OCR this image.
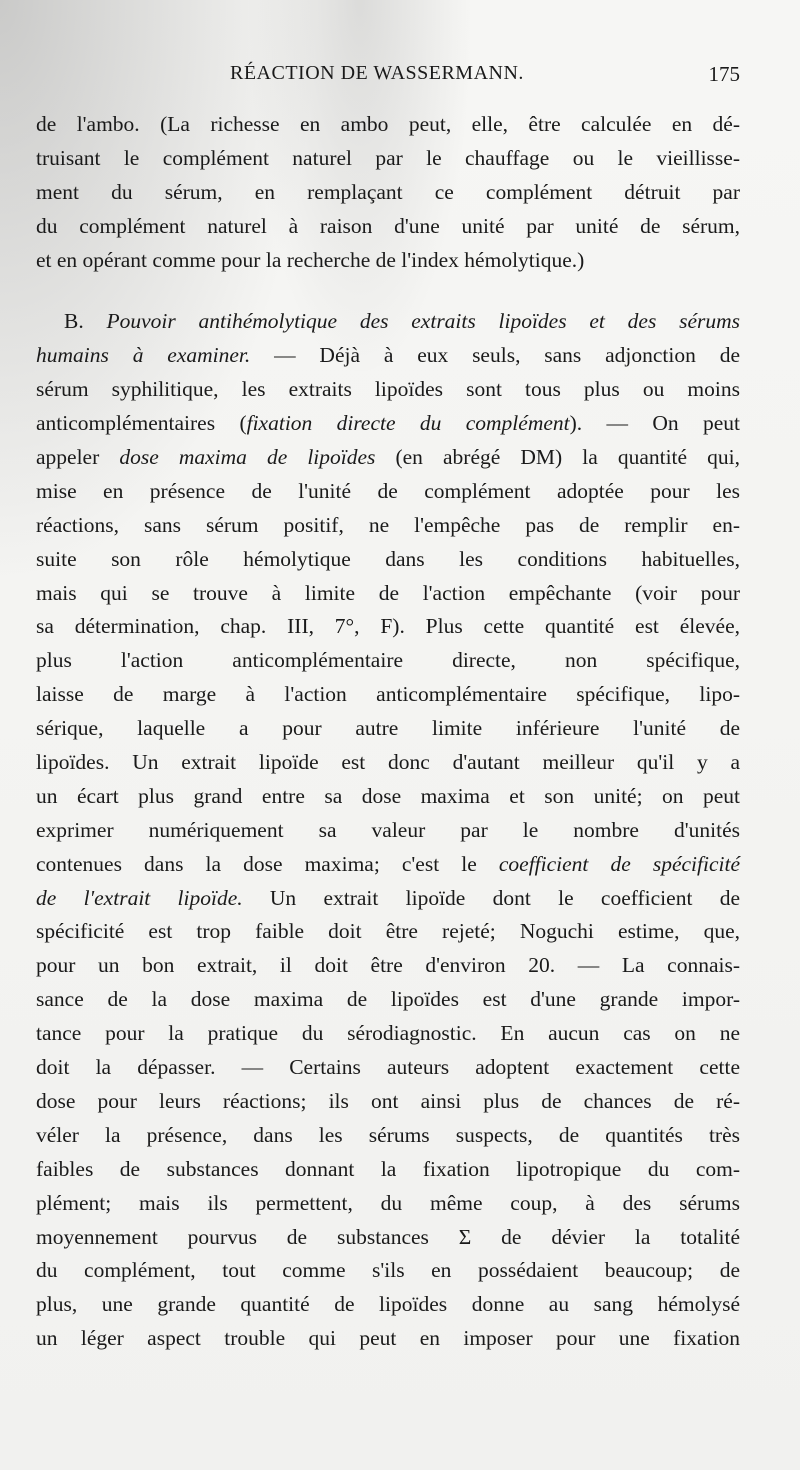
RÉACTION DE WASSERMANN.	175
de l'ambo. (La richesse en ambo peut, elle, être calculée en dé-
truisant le complément naturel par le chauffage ou le vieillisse-
ment du sérum, en remplaçant ce complément détruit par
du complément naturel à raison d'une unité par unité de sérum,
et en opérant comme pour la recherche de l'index hémolytique.)
B. Pouvoir antihémolytique des extraits lipoïdes et des sérums
humains à examiner. — Déjà à eux seuls, sans adjonction de
sérum syphilitique, les extraits lipoïdes sont tous plus ou moins
anticomplémentaires (fixation directe du complément). — On peut
appeler dose maxima de lipoïdes (en abrégé DM) la quantité qui,
mise en présence de l'unité de complément adoptée pour les
réactions, sans sérum positif, ne l'empêche pas de remplir en-
suite son rôle hémolytique dans les conditions habituelles,
mais qui se trouve à limite de l'action empêchante (voir pour
sa détermination, chap. III, 7°, F). Plus cette quantité est élevée,
plus l'action anticomplémentaire directe, non spécifique,
laisse de marge à l'action anticomplémentaire spécifique, lipo-
sérique, laquelle a pour autre limite inférieure l'unité de
lipoïdes. Un extrait lipoïde est donc d'autant meilleur qu'il y a
un écart plus grand entre sa dose maxima et son unité; on peut
exprimer numériquement sa valeur par le nombre d'unités
contenues dans la dose maxima; c'est le coefficient de spécificité
de l'extrait lipoïde. Un extrait lipoïde dont le coefficient de
spécificité est trop faible doit être rejeté; Noguchi estime, que,
pour un bon extrait, il doit être d'environ 20. — La connais-
sance de la dose maxima de lipoïdes est d'une grande impor-
tance pour la pratique du sérodiagnostic. En aucun cas on ne
doit la dépasser. — Certains auteurs adoptent exactement cette
dose pour leurs réactions; ils ont ainsi plus de chances de ré-
véler la présence, dans les sérums suspects, de quantités très
faibles de substances donnant la fixation lipotropique du com-
plément; mais ils permettent, du même coup, à des sérums
moyennement pourvus de substances Σ de dévier la totalité
du complément, tout comme s'ils en possédaient beaucoup; de
plus, une grande quantité de lipoïdes donne au sang hémolysé
un léger aspect trouble qui peut en imposer pour une fixation
